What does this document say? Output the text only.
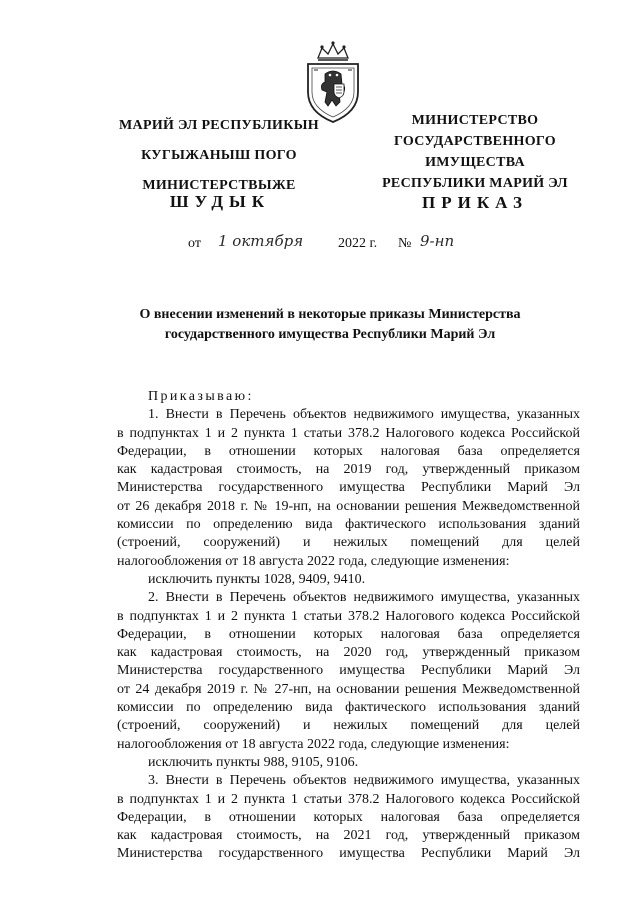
МАРИЙ ЭЛ РЕСПУБЛИКЫН
КУГЫЖАНЫШ ПОГО
МИНИСТЕРСТВЫЖЕ
МИНИСТЕРСТВО
ГОСУДАРСТВЕННОГО
ИМУЩЕСТВА
РЕСПУБЛИКИ МАРИЙ ЭЛ
ШУДЫК	ПРИКАЗ
от 1 октября 2022 г. № 9-нп
О внесении изменений в некоторые приказы Министерства
государственного имущества Республики Марий Эл
Приказываю:
1. Внести в Перечень объектов недвижимого имущества, указанных
в подпунктах 1 и 2 пункта 1 статьи 378.2 Налогового кодекса Российской
Федерации, в отношении которых налоговая база определяется
как кадастровая стоимость, на 2019 год, утвержденный приказом
Министерства государственного имущества Республики Марий Эл
от 26 декабря 2018 г. № 19-нп, на основании решения Межведомственной
комиссии по определению вида фактического использования зданий
(строений, сооружений) и нежилых помещений для целей
налогообложения от 18 августа 2022 года, следующие изменения:
исключить пункты 1028, 9409, 9410.
2. Внести в Перечень объектов недвижимого имущества, указанных
в подпунктах 1 и 2 пункта 1 статьи 378.2 Налогового кодекса Российской
Федерации, в отношении которых налоговая база определяется
как кадастровая стоимость, на 2020 год, утвержденный приказом
Министерства государственного имущества Республики Марий Эл
от 24 декабря 2019 г. № 27-нп, на основании решения Межведомственной
комиссии по определению вида фактического использования зданий
(строений, сооружений) и нежилых помещений для целей
налогообложения от 18 августа 2022 года, следующие изменения:
исключить пункты 988, 9105, 9106.
3. Внести в Перечень объектов недвижимого имущества, указанных
в подпунктах 1 и 2 пункта 1 статьи 378.2 Налогового кодекса Российской
Федерации, в отношении которых налоговая база определяется
как кадастровая стоимость, на 2021 год, утвержденный приказом
Министерства государственного имущества Республики Марий Эл
